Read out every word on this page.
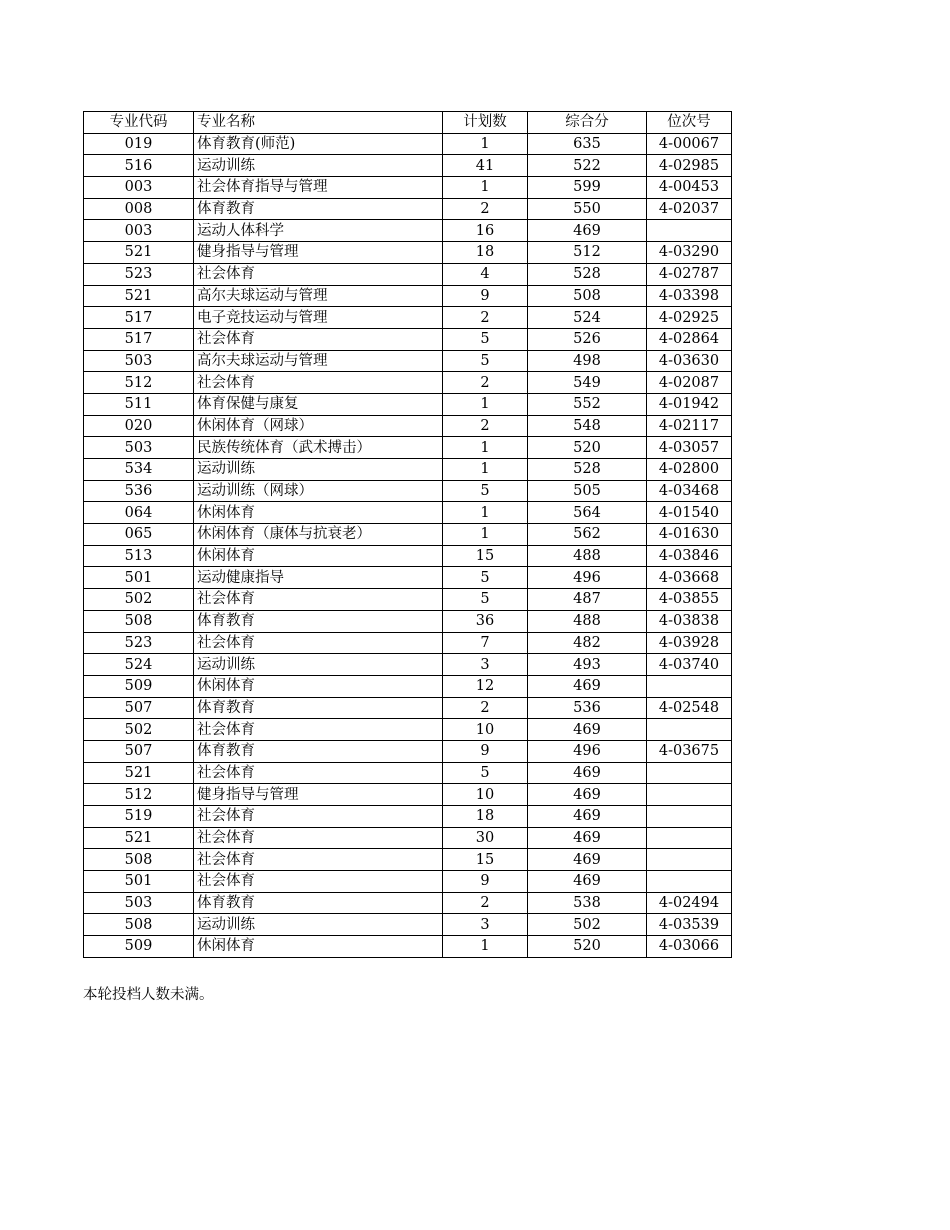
专业代码	专业名称	计划数	综合分	位次号
019	体育教育(师范)	1	635	4-00067
516	运动训练	41	522	4-02985
003	社会体育指导与管理	1	599	4-00453
008	体育教育	2	550	4-02037
003	运动人体科学	16	469	
521	健身指导与管理	18	512	4-03290
523	社会体育	4	528	4-02787
521	高尔夫球运动与管理	9	508	4-03398
517	电子竞技运动与管理	2	524	4-02925
517	社会体育	5	526	4-02864
503	高尔夫球运动与管理	5	498	4-03630
512	社会体育	2	549	4-02087
511	体育保健与康复	1	552	4-01942
020	休闲体育（网球）	2	548	4-02117
503	民族传统体育（武术搏击）	1	520	4-03057
534	运动训练	1	528	4-02800
536	运动训练（网球）	5	505	4-03468
064	休闲体育	1	564	4-01540
065	休闲体育（康体与抗衰老）	1	562	4-01630
513	休闲体育	15	488	4-03846
501	运动健康指导	5	496	4-03668
502	社会体育	5	487	4-03855
508	体育教育	36	488	4-03838
523	社会体育	7	482	4-03928
524	运动训练	3	493	4-03740
509	休闲体育	12	469	
507	体育教育	2	536	4-02548
502	社会体育	10	469	
507	体育教育	9	496	4-03675
521	社会体育	5	469	
512	健身指导与管理	10	469	
519	社会体育	18	469	
521	社会体育	30	469	
508	社会体育	15	469	
501	社会体育	9	469	
503	体育教育	2	538	4-02494
508	运动训练	3	502	4-03539
509	休闲体育	1	520	4-03066
本轮投档人数未满。
